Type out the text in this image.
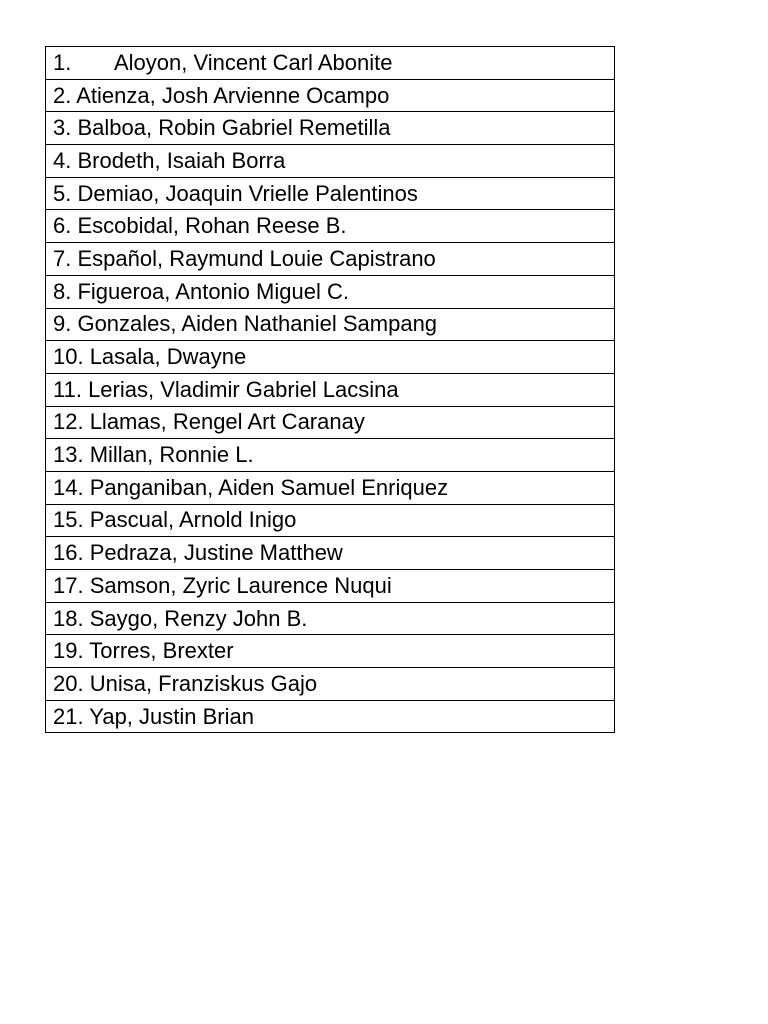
1. Aloyon, Vincent Carl Abonite
2. Atienza, Josh Arvienne Ocampo
3. Balboa, Robin Gabriel Remetilla
4. Brodeth, Isaiah Borra
5. Demiao, Joaquin Vrielle Palentinos
6. Escobidal, Rohan Reese B.
7. Español, Raymund Louie Capistrano
8. Figueroa, Antonio Miguel C.
9. Gonzales, Aiden Nathaniel Sampang
10. Lasala, Dwayne
11. Lerias, Vladimir Gabriel Lacsina
12. Llamas, Rengel Art Caranay
13. Millan, Ronnie L.
14. Panganiban, Aiden Samuel Enriquez
15. Pascual, Arnold Inigo
16. Pedraza, Justine Matthew
17. Samson, Zyric Laurence Nuqui
18. Saygo, Renzy John B.
19. Torres, Brexter
20. Unisa, Franziskus Gajo
21. Yap, Justin Brian
